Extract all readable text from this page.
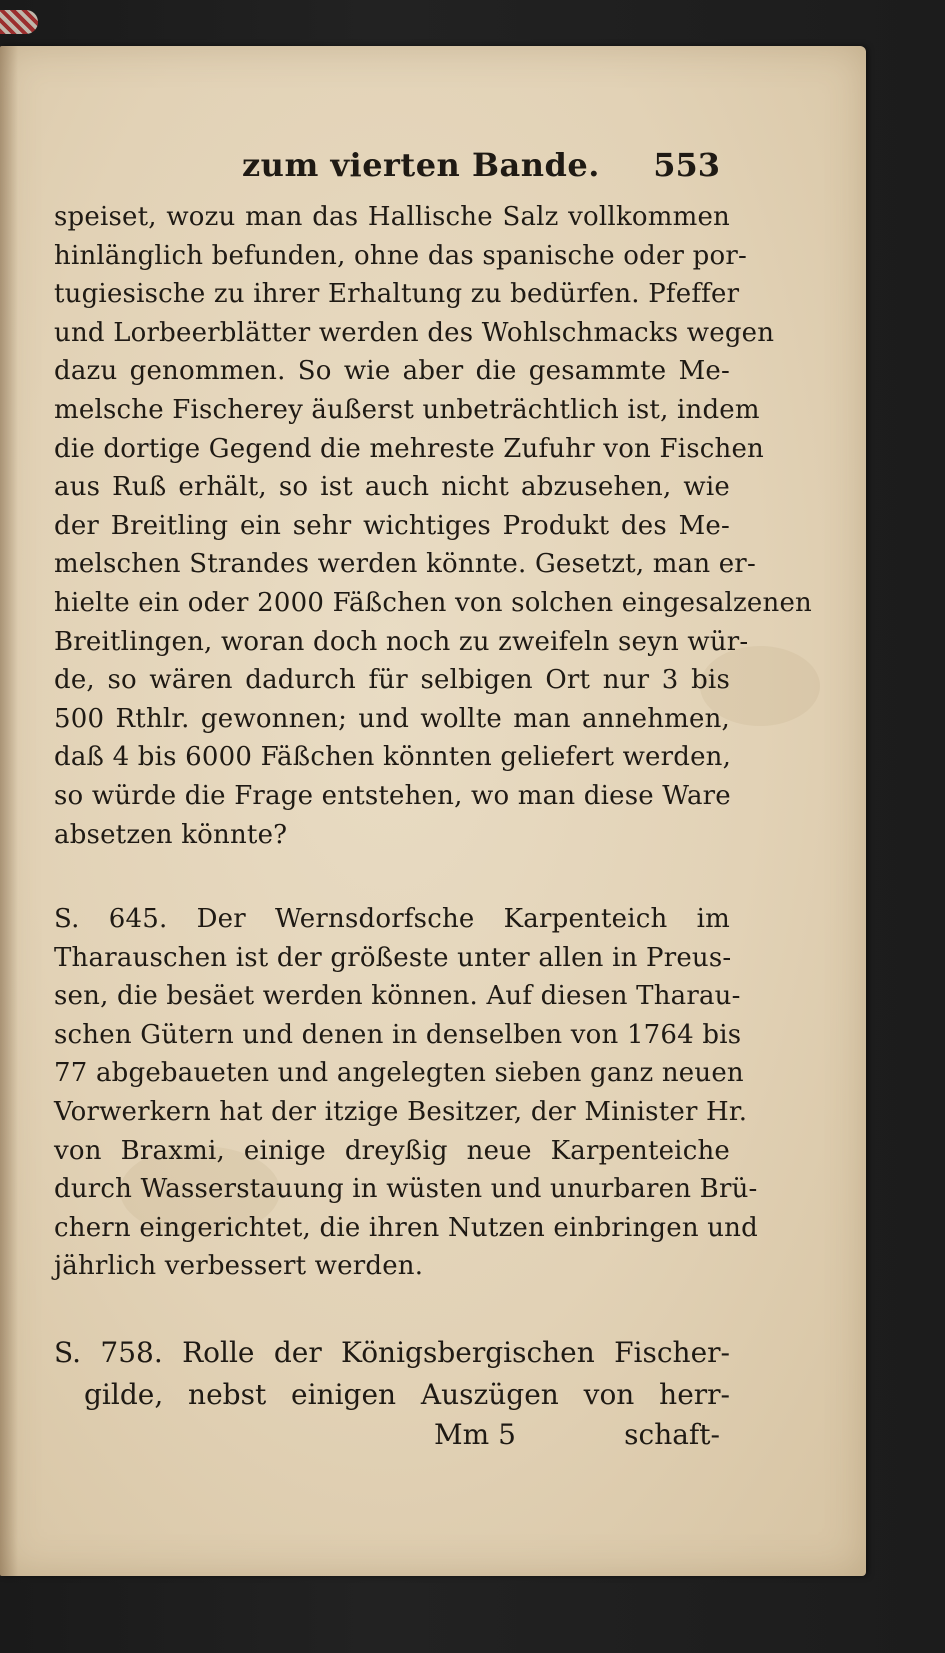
zum vierten Bande. 553
speiset, wozu man das Hallische Salz vollkommen
hinlänglich befunden, ohne das spanische oder por-
tugiesische zu ihrer Erhaltung zu bedürfen. Pfeffer
und Lorbeerblätter werden des Wohlschmacks wegen
dazu genommen. So wie aber die gesammte Me-
melsche Fischerey äußerst unbeträchtlich ist, indem
die dortige Gegend die mehreste Zufuhr von Fischen
aus Ruß erhält, so ist auch nicht abzusehen, wie
der Breitling ein sehr wichtiges Produkt des Me-
melschen Strandes werden könnte. Gesetzt, man er-
hielte ein oder 2000 Fäßchen von solchen eingesalzenen
Breitlingen, woran doch noch zu zweifeln seyn wür-
de, so wären dadurch für selbigen Ort nur 3 bis
500 Rthlr. gewonnen; und wollte man annehmen,
daß 4 bis 6000 Fäßchen könnten geliefert werden,
so würde die Frage entstehen, wo man diese Ware
absetzen könnte?
S. 645. Der Wernsdorfsche Karpenteich im
Tharauschen ist der größeste unter allen in Preus-
sen, die besäet werden können. Auf diesen Tharau-
schen Gütern und denen in denselben von 1764 bis
77 abgebaueten und angelegten sieben ganz neuen
Vorwerkern hat der itzige Besitzer, der Minister Hr.
von Braxmi, einige dreyßig neue Karpenteiche
durch Wasserstauung in wüsten und unurbaren Brü-
chern eingerichtet, die ihren Nutzen einbringen und
jährlich verbessert werden.
S. 758. Rolle der Königsbergischen Fischer-
gilde, nebst einigen Auszügen von herr-
Mm 5	schaft-
